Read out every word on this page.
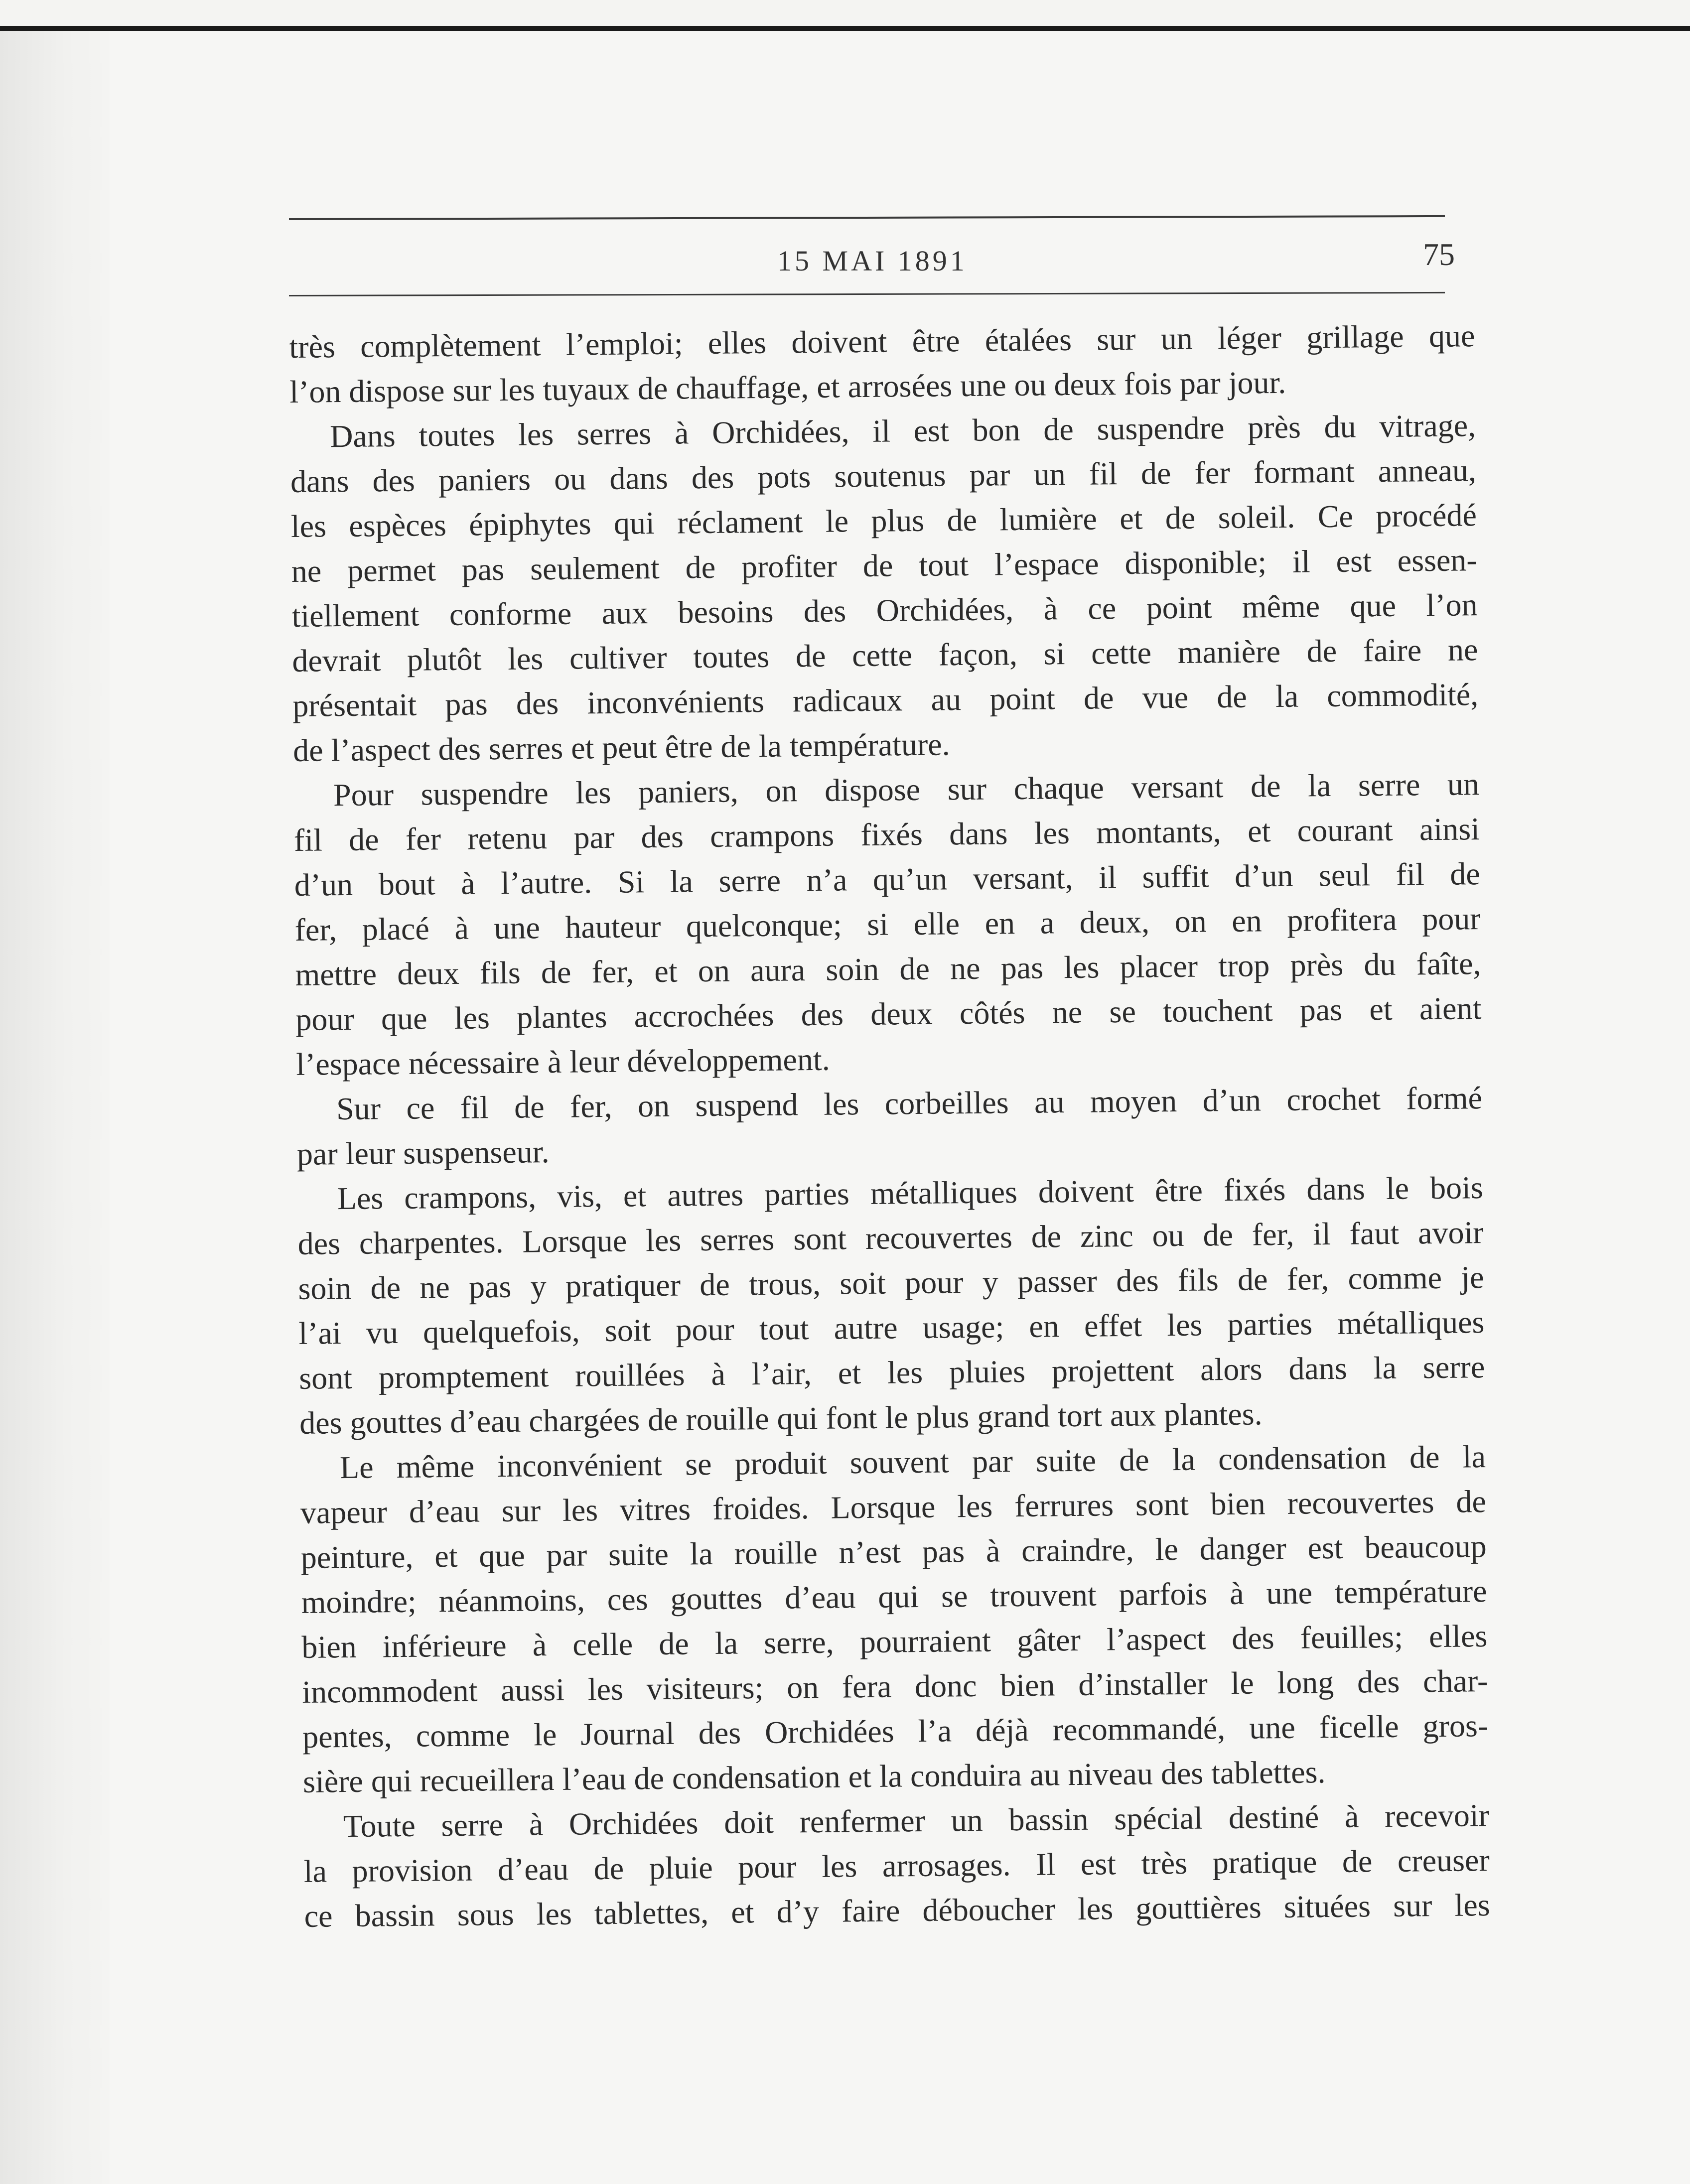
15 MAI 1891	75
très complètement l’emploi; elles doivent être étalées sur un léger grillage que
l’on dispose sur les tuyaux de chauffage, et arrosées une ou deux fois par jour.
Dans toutes les serres à Orchidées, il est bon de suspendre près du vitrage,
dans des paniers ou dans des pots soutenus par un fil de fer formant anneau,
les espèces épiphytes qui réclament le plus de lumière et de soleil. Ce procédé
ne permet pas seulement de profiter de tout l’espace disponible; il est essen-
tiellement conforme aux besoins des Orchidées, à ce point même que l’on
devrait plutôt les cultiver toutes de cette façon, si cette manière de faire ne
présentait pas des inconvénients radicaux au point de vue de la commodité,
de l’aspect des serres et peut être de la température.
Pour suspendre les paniers, on dispose sur chaque versant de la serre un
fil de fer retenu par des crampons fixés dans les montants, et courant ainsi
d’un bout à l’autre. Si la serre n’a qu’un versant, il suffit d’un seul fil de
fer, placé à une hauteur quelconque; si elle en a deux, on en profitera pour
mettre deux fils de fer, et on aura soin de ne pas les placer trop près du faîte,
pour que les plantes accrochées des deux côtés ne se touchent pas et aient
l’espace nécessaire à leur développement.
Sur ce fil de fer, on suspend les corbeilles au moyen d’un crochet formé
par leur suspenseur.
Les crampons, vis, et autres parties métalliques doivent être fixés dans le bois
des charpentes. Lorsque les serres sont recouvertes de zinc ou de fer, il faut avoir
soin de ne pas y pratiquer de trous, soit pour y passer des fils de fer, comme je
l’ai vu quelquefois, soit pour tout autre usage; en effet les parties métalliques
sont promptement rouillées à l’air, et les pluies projettent alors dans la serre
des gouttes d’eau chargées de rouille qui font le plus grand tort aux plantes.
Le même inconvénient se produit souvent par suite de la condensation de la
vapeur d’eau sur les vitres froides. Lorsque les ferrures sont bien recouvertes de
peinture, et que par suite la rouille n’est pas à craindre, le danger est beaucoup
moindre; néanmoins, ces gouttes d’eau qui se trouvent parfois à une température
bien inférieure à celle de la serre, pourraient gâter l’aspect des feuilles; elles
incommodent aussi les visiteurs; on fera donc bien d’installer le long des char-
pentes, comme le Journal des Orchidées l’a déjà recommandé, une ficelle gros-
sière qui recueillera l’eau de condensation et la conduira au niveau des tablettes.
Toute serre à Orchidées doit renfermer un bassin spécial destiné à recevoir
la provision d’eau de pluie pour les arrosages. Il est très pratique de creuser
ce bassin sous les tablettes, et d’y faire déboucher les gouttières situées sur les
